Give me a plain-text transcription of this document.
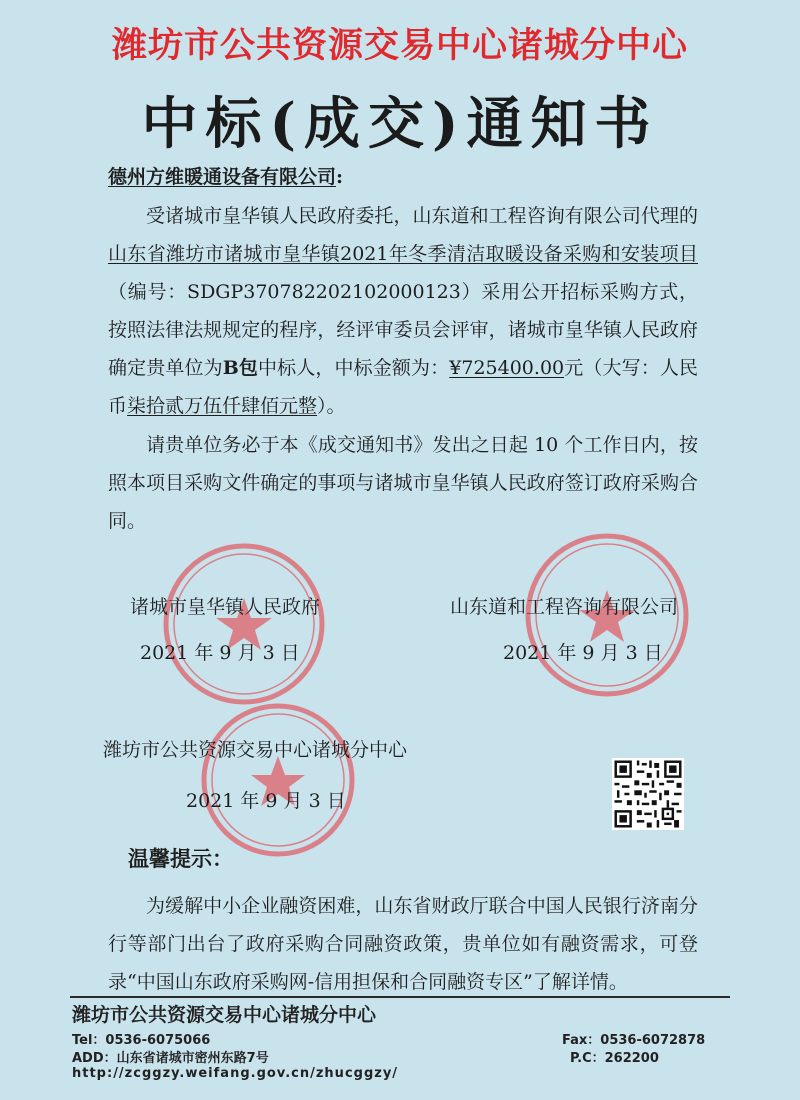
潍坊市公共资源交易中心诸城分中心
中标(成交)通知书
德州方维暖通设备有限公司:
受诸城市皇华镇人民政府委托，山东道和工程咨询有限公司代理的山东省潍坊市诸城市皇华镇2021年冬季清洁取暖设备采购和安装项目（编号：SDGP370782202102000123）采用公开招标采购方式，按照法律法规规定的程序，经评审委员会评审，诸城市皇华镇人民政府确定贵单位为B包中标人，中标金额为：¥725400.00元（大写：人民币柒拾贰万伍仟肆佰元整）。
请贵单位务必于本《成交通知书》发出之日起 10 个工作日内，按照本项目采购文件确定的事项与诸城市皇华镇人民政府签订政府采购合同。
诸城市皇华镇人民政府
2021 年 9 月 3 日
山东道和工程咨询有限公司
2021 年 9 月 3 日
潍坊市公共资源交易中心诸城分中心
2021 年 9 月 3 日
温馨提示：
为缓解中小企业融资困难，山东省财政厅联合中国人民银行济南分行等部门出台了政府采购合同融资政策，贵单位如有融资需求，可登录“中国山东政府采购网-信用担保和合同融资专区”了解详情。
潍坊市公共资源交易中心诸城分中心
Tel：0536-6075066	Fax：0536-6072878
ADD：山东省诸城市密州东路7号	P.C：262200
http://zcggzy.weifang.gov.cn/zhucggzy/
